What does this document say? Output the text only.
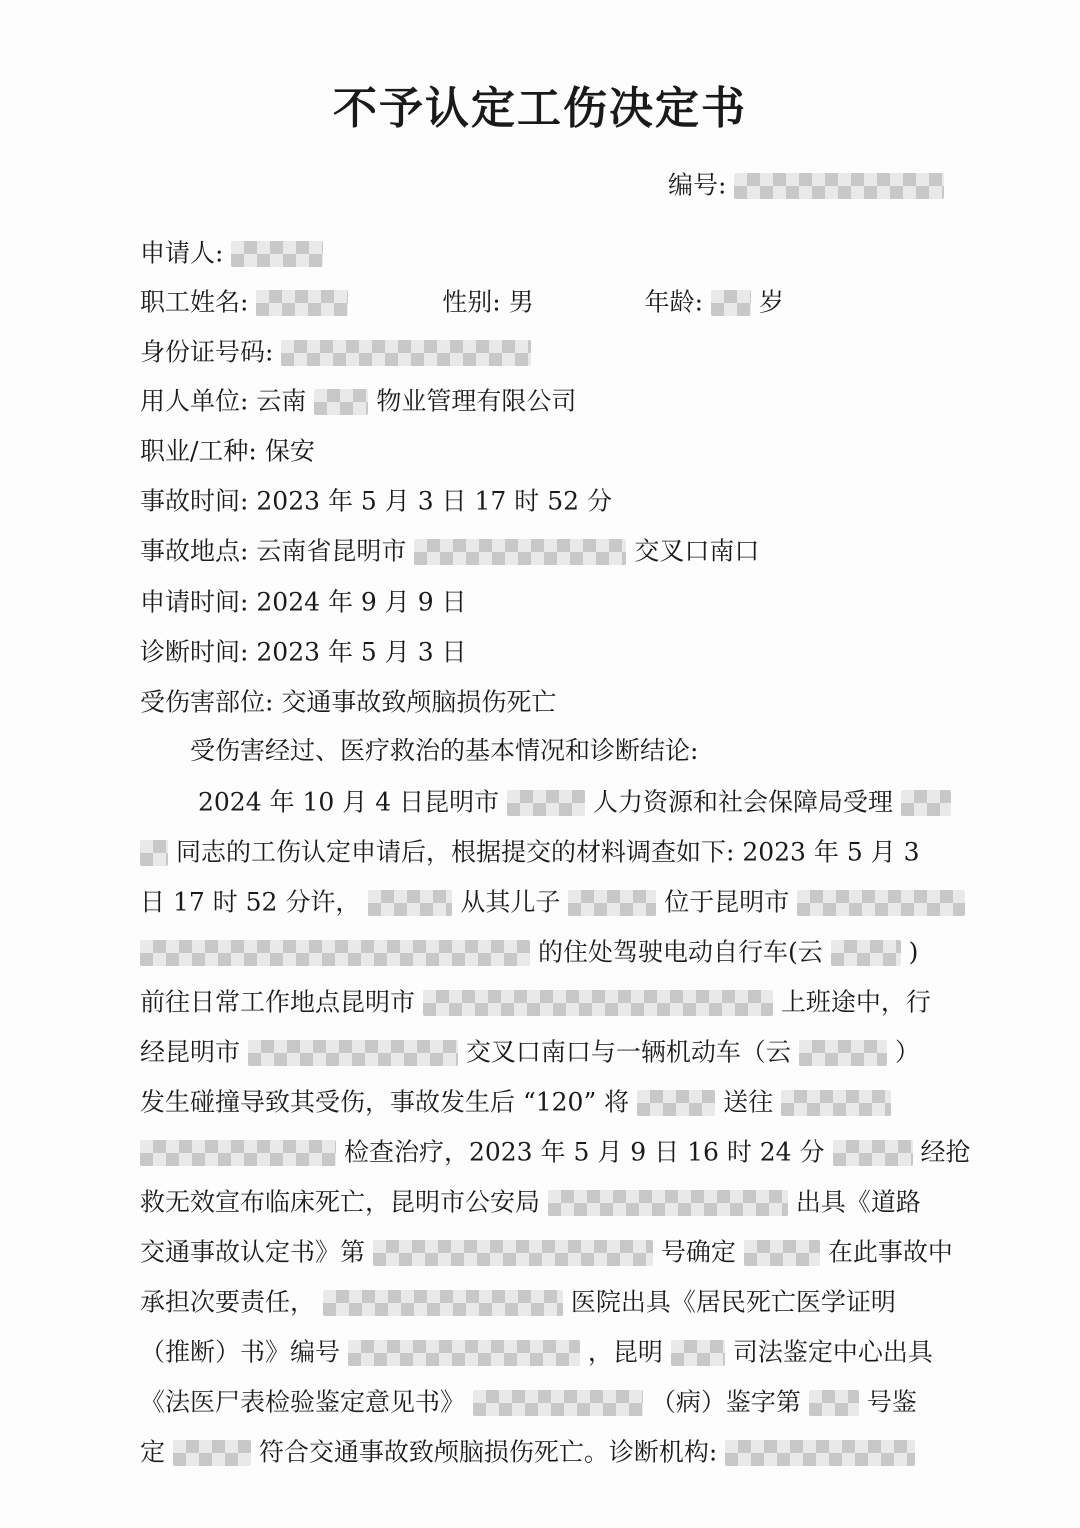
不予认定工伤决定书
编号:
申请人:
职工姓名:	性别: 男	年龄: 岁
身份证号码:
用人单位: 云南	物业管理有限公司
职业/工种: 保安
事故时间: 2023 年 5 月 3 日 17 时 52 分
事故地点: 云南省昆明市	交叉口南口
申请时间: 2024 年 9 月 9 日
诊断时间: 2023 年 5 月 3 日
受伤害部位: 交通事故致颅脑损伤死亡
受伤害经过、医疗救治的基本情况和诊断结论:
2024 年 10 月 4 日昆明市	人力资源和社会保障局受理
同志的工伤认定申请后，根据提交的材料调查如下: 2023 年 5 月 3
日 17 时 52 分许，	从其儿子	位于昆明市
的住处驾驶电动自行车(云	)
前往日常工作地点昆明市	上班途中，行
经昆明市	交叉口南口与一辆机动车（云	）
发生碰撞导致其受伤，事故发生后 “120” 将	送往
检查治疗，2023 年 5 月 9 日 16 时 24 分	经抢
救无效宣布临床死亡，昆明市公安局	出具《道路
交通事故认定书》第	号确定	在此事故中
承担次要责任，	医院出具《居民死亡医学证明
（推断）书》编号	，昆明	司法鉴定中心出具
《法医尸表检验鉴定意见书》	（病）鉴字第	号鉴
定	符合交通事故致颅脑损伤死亡。诊断机构:
